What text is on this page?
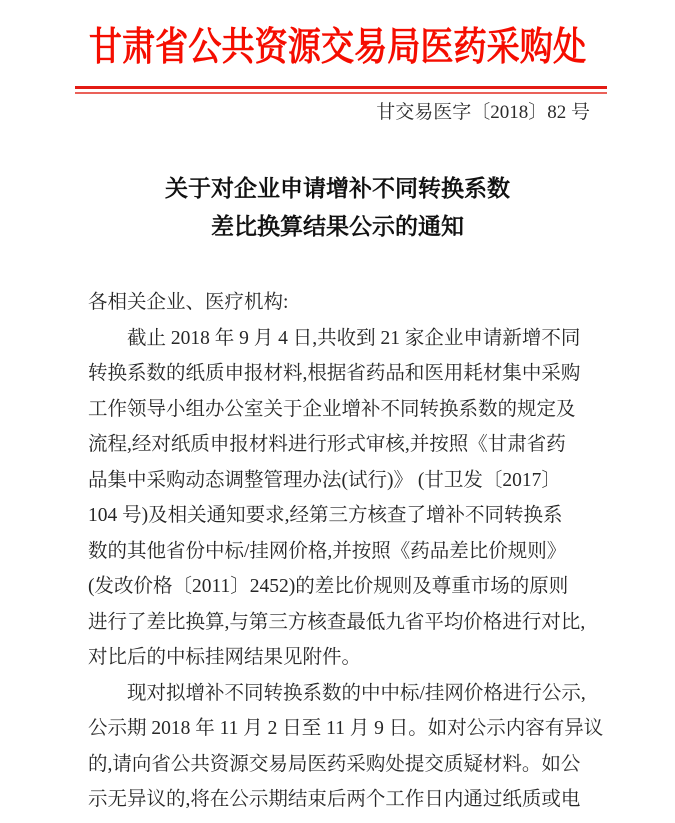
甘肃省公共资源交易局医药采购处
甘交易医字〔2018〕82 号
关于对企业申请增补不同转换系数
差比换算结果公示的通知
各相关企业、医疗机构:
截止 2018 年 9 月 4 日,共收到 21 家企业申请新增不同
转换系数的纸质申报材料,根据省药品和医用耗材集中采购
工作领导小组办公室关于企业增补不同转换系数的规定及
流程,经对纸质申报材料进行形式审核,并按照《甘肃省药
品集中采购动态调整管理办法(试行)》 (甘卫发〔2017〕
104 号)及相关通知要求,经第三方核查了增补不同转换系
数的其他省份中标/挂网价格,并按照《药品差比价规则》
(发改价格〔2011〕2452)的差比价规则及尊重市场的原则
进行了差比换算,与第三方核查最低九省平均价格进行对比,
对比后的中标挂网结果见附件。
现对拟增补不同转换系数的中中标/挂网价格进行公示,
公示期 2018 年 11 月 2 日至 11 月 9 日。如对公示内容有异议
的,请向省公共资源交易局医药采购处提交质疑材料。如公
示无异议的,将在公示期结束后两个工作日内通过纸质或电
